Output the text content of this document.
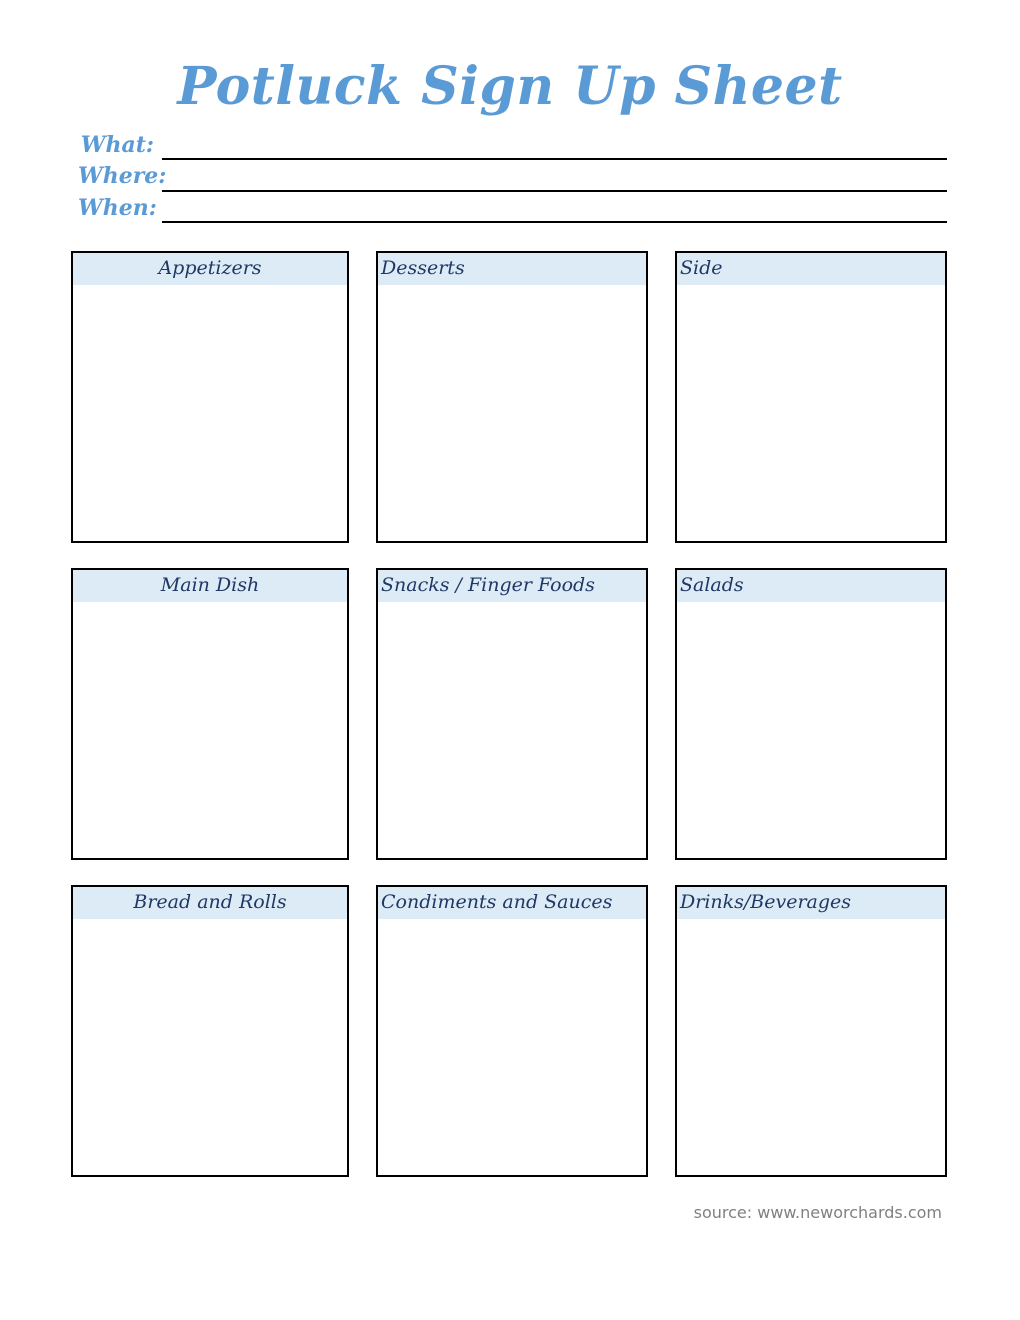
Potluck Sign Up Sheet
What:
Where:
When:
Appetizers	Desserts	Side
Main Dish	Snacks / Finger Foods	Salads
Bread and Rolls	Condiments and Sauces	Drinks/Beverages
source: www.neworchards.com
